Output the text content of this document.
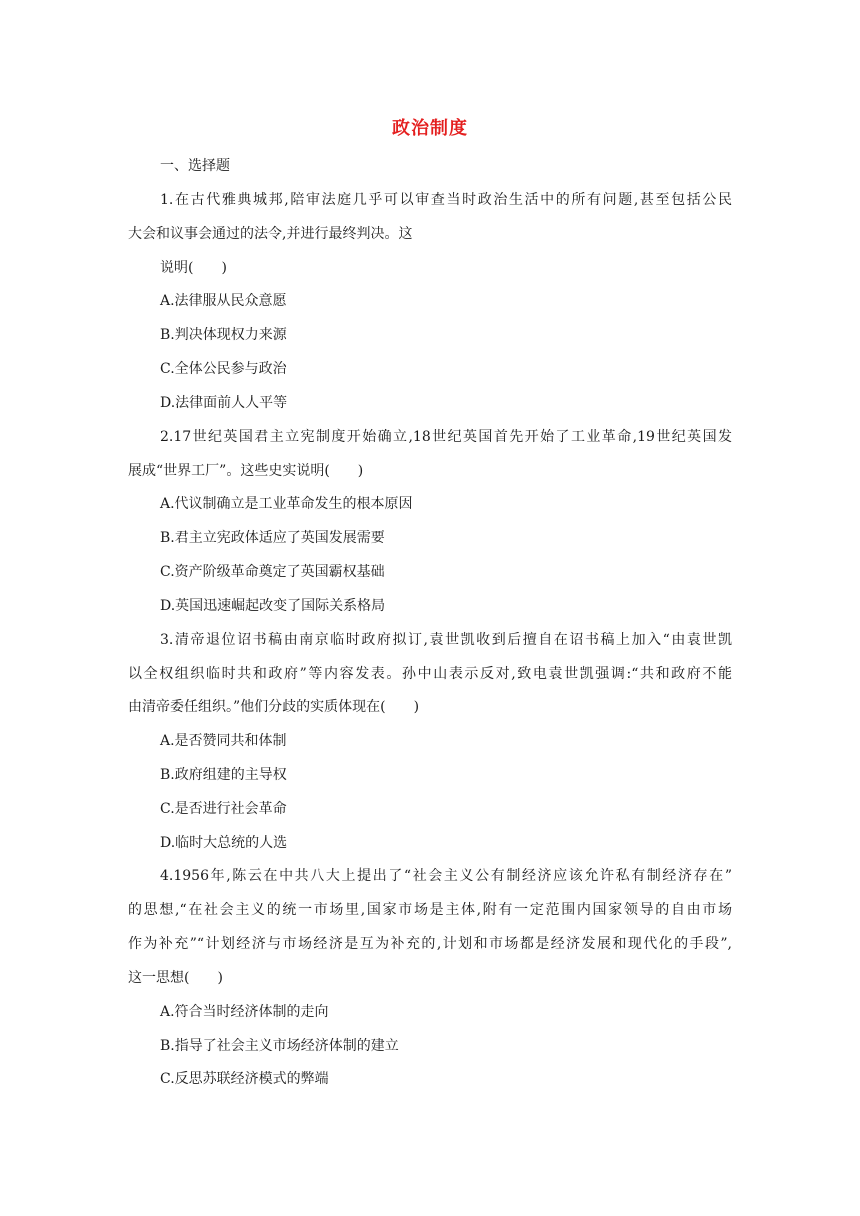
政治制度
一、选择题
1.在古代雅典城邦,陪审法庭几乎可以审查当时政治生活中的所有问题,甚至包括公民
大会和议事会通过的法令,并进行最终判决。这
说明(　　)
A.法律服从民众意愿
B.判决体现权力来源
C.全体公民参与政治
D.法律面前人人平等
2.17世纪英国君主立宪制度开始确立,18世纪英国首先开始了工业革命,19世纪英国发
展成“世界工厂”。这些史实说明(　　)
A.代议制确立是工业革命发生的根本原因
B.君主立宪政体适应了英国发展需要
C.资产阶级革命奠定了英国霸权基础
D.英国迅速崛起改变了国际关系格局
3.清帝退位诏书稿由南京临时政府拟订,袁世凯收到后擅自在诏书稿上加入“由袁世凯
以全权组织临时共和政府”等内容发表。孙中山表示反对,致电袁世凯强调:“共和政府不能
由清帝委任组织。”他们分歧的实质体现在(　　)
A.是否赞同共和体制
B.政府组建的主导权
C.是否进行社会革命
D.临时大总统的人选
4.1956年,陈云在中共八大上提出了“社会主义公有制经济应该允许私有制经济存在”
的思想,“在社会主义的统一市场里,国家市场是主体,附有一定范围内国家领导的自由市场
作为补充”“计划经济与市场经济是互为补充的,计划和市场都是经济发展和现代化的手段”,
这一思想(　　)
A.符合当时经济体制的走向
B.指导了社会主义市场经济体制的建立
C.反思苏联经济模式的弊端
